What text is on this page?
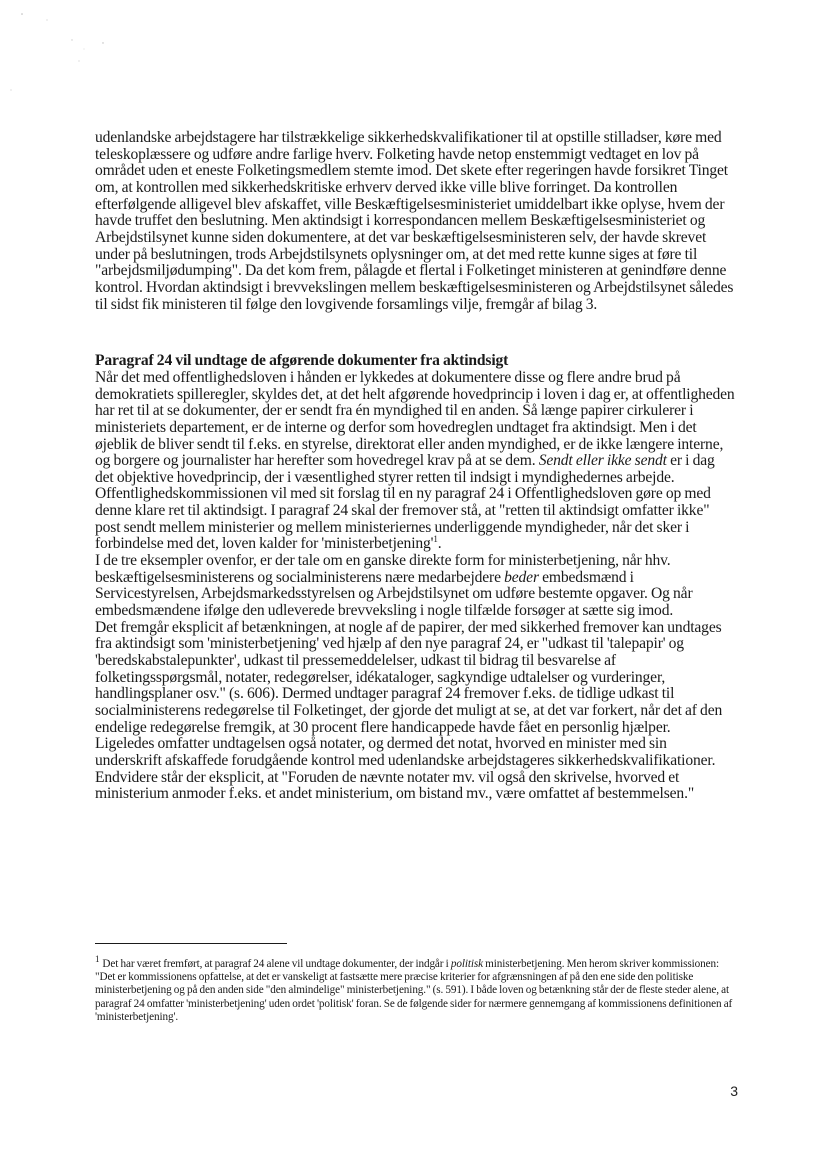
udenlandske arbejdstagere har tilstrækkelige sikkerhedskvalifikationer til at opstille stilladser, køre med teleskoplæssere og udføre andre farlige hverv. Folketing havde netop enstemmigt vedtaget en lov på området uden et eneste Folketingsmedlem stemte imod. Det skete efter regeringen havde forsikret Tinget om, at kontrollen med sikkerhedskritiske erhverv derved ikke ville blive forringet. Da kontrollen efterfølgende alligevel blev afskaffet, ville Beskæftigelsesministeriet umiddelbart ikke oplyse, hvem der havde truffet den beslutning. Men aktindsigt i korrespondancen mellem Beskæftigelsesministeriet og Arbejdstilsynet kunne siden dokumentere, at det var beskæftigelsesministeren selv, der havde skrevet under på beslutningen, trods Arbejdstilsynets oplysninger om, at det med rette kunne siges at føre til "arbejdsmiljødumping". Da det kom frem, pålagde et flertal i Folketinget ministeren at genindføre denne kontrol. Hvordan aktindsigt i brevvekslingen mellem beskæftigelsesministeren og Arbejdstilsynet således til sidst fik ministeren til følge den lovgivende forsamlings vilje, fremgår af bilag 3.

Paragraf 24 vil undtage de afgørende dokumenter fra aktindsigt

Når det med offentlighedsloven i hånden er lykkedes at dokumentere disse og flere andre brud på demokratiets spilleregler, skyldes det, at det helt afgørende hovedprincip i loven i dag er, at offentligheden har ret til at se dokumenter, der er sendt fra én myndighed til en anden. Så længe papirer cirkulerer i ministeriets departement, er de interne og derfor som hovedreglen undtaget fra aktindsigt. Men i det øjeblik de bliver sendt til f.eks. en styrelse, direktorat eller anden myndighed, er de ikke længere interne, og borgere og journalister har herefter som hovedregel krav på at se dem. Sendt eller ikke sendt er i dag det objektive hovedprincip, der i væsentlighed styrer retten til indsigt i myndighedernes arbejde.

Offentlighedskommissionen vil med sit forslag til en ny paragraf 24 i Offentlighedsloven gøre op med denne klare ret til aktindsigt. I paragraf 24 skal der fremover stå, at "retten til aktindsigt omfatter ikke" post sendt mellem ministerier og mellem ministeriernes underliggende myndigheder, når det sker i forbindelse med det, loven kalder for '$ministerbetjening'^1$.

I de tre eksempler ovenfor, er der tale om en ganske direkte form for ministerbetjening, når hhv. beskæftigelsesministerens og socialministerens nære medarbejdere beder embedsmænd i Servicestyrelsen, Arbejdsmarkedsstyrelsen og Arbejdstilsynet om udføre bestemte opgaver. Og når embedsmændene ifølge den udleverede brevveksling i nogle tilfælde forsøger at sætte sig imod.

Det fremgår eksplicit af betænkningen, at nogle af de papirer, der med sikkerhed fremover kan undtages fra aktindsigt som 'ministerbetjening' ved hjælp af den nye paragraf 24, er "udkast til 'talepapir' og 'beredskabstalepunkter', udkast til pressemeddelelser, udkast til bidrag til besvarelse af folketingsspørgsmål, notater, redegørelser, idékataloger, sagkyndige udtalelser og vurderinger, handlingsplaner osv." (s. 606). Dermed undtager paragraf 24 fremover f.eks. de tidlige udkast til socialministerens redegørelse til Folketinget, der gjorde det muligt at se, at det var forkert, når det af den endelige redegørelse fremgik, at 30 procent flere handicappede havde fået en personlig hjælper.

Ligeledes omfatter undtagelsen også notater, og dermed det notat, hvorved en minister med sin underskrift afskaffede forudgående kontrol med udenlandske arbejdstageres sikkerhedskvalifikationer.

Endvidere står der eksplicit, at "Foruden de nævnte notater mv. vil også den skrivelse, hvorved et ministerium anmoder f.eks. et andet ministerium, om bistand mv., være omfattet af bestemmelsen."

$^1$ Det har været fremført, at paragraf 24 alene vil undtage dokumenter, der indgår i politisk ministerbetjening. Men herom skriver kommissionen: "Det er kommissionens opfattelse, at det er vanskeligt at fastsætte mere præcise kriterier for afgrænsningen af på den ene side den politiske ministerbetjening og på den anden side "den almindelige" ministerbetjening." (s. 591). I både loven og betænkning står der de fleste steder alene, at paragraf 24 omfatter 'ministerbetjening' uden ordet 'politisk' foran. Se de følgende sider for nærmere gennemgang af kommissionens definitionen af 'ministerbetjening'.

3
